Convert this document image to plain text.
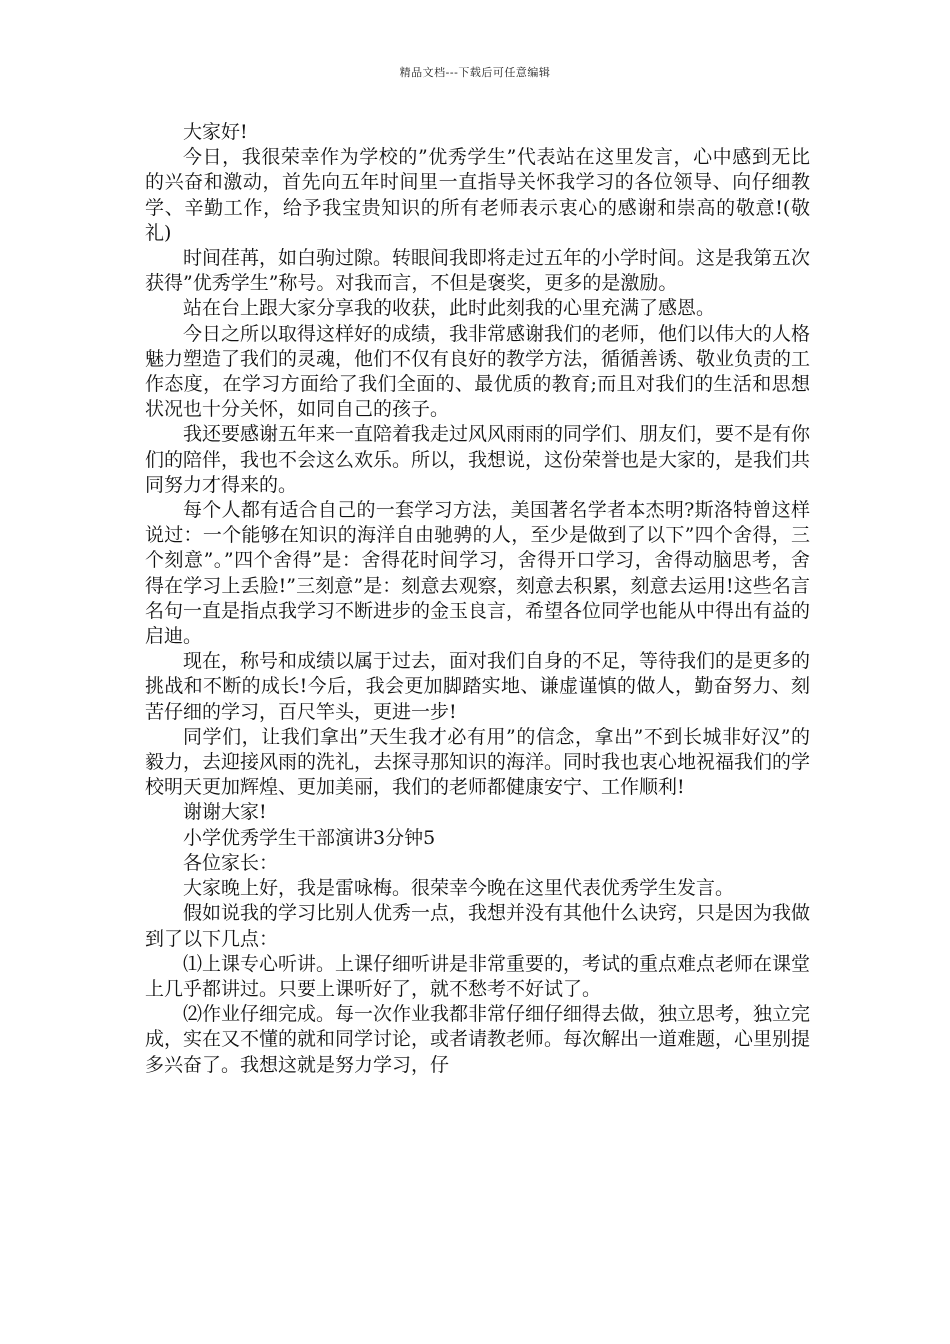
精品文档---下载后可任意编辑

大家好!

今日，我很荣幸作为学校的”优秀学生”代表站在这里发言，心中感到无比的兴奋和激动，首先向五年时间里一直指导关怀我学习的各位领导、向仔细教学、辛勤工作，给予我宝贵知识的所有老师表示衷心的感谢和崇高的敬意!(敬礼)

时间荏苒，如白驹过隙。转眼间我即将走过五年的小学时间。这是我第五次获得”优秀学生”称号。对我而言，不但是褒奖，更多的是激励。

站在台上跟大家分享我的收获，此时此刻我的心里充满了感恩。

今日之所以取得这样好的成绩，我非常感谢我们的老师，他们以伟大的人格魅力塑造了我们的灵魂，他们不仅有良好的教学方法，循循善诱、敬业负责的工作态度，在学习方面给了我们全面的、最优质的教育;而且对我们的生活和思想状况也十分关怀，如同自己的孩子。

我还要感谢五年来一直陪着我走过风风雨雨的同学们、朋友们，要不是有你们的陪伴，我也不会这么欢乐。所以，我想说，这份荣誉也是大家的，是我们共同努力才得来的。

每个人都有适合自己的一套学习方法，美国著名学者本杰明?斯洛特曾这样说过：一个能够在知识的海洋自由驰骋的人，至少是做到了以下”四个舍得，三个刻意”。”四个舍得”是：舍得花时间学习，舍得开口学习，舍得动脑思考，舍得在学习上丢脸!”三刻意”是：刻意去观察，刻意去积累，刻意去运用!这些名言名句一直是指点我学习不断进步的金玉良言，希望各位同学也能从中得出有益的启迪。

现在，称号和成绩以属于过去，面对我们自身的不足，等待我们的是更多的挑战和不断的成长!今后，我会更加脚踏实地、谦虚谨慎的做人，勤奋努力、刻苦仔细的学习，百尺竿头，更进一步!

同学们，让我们拿出”天生我才必有用”的信念，拿出”不到长城非好汉”的毅力，去迎接风雨的洗礼，去探寻那知识的海洋。同时我也衷心地祝福我们的学校明天更加辉煌、更加美丽，我们的老师都健康安宁、工作顺利!

谢谢大家!

小学优秀学生干部演讲3分钟5

各位家长：

大家晚上好，我是雷咏梅。很荣幸今晚在这里代表优秀学生发言。

假如说我的学习比别人优秀一点，我想并没有其他什么诀窍，只是因为我做到了以下几点：

⑴上课专心听讲。上课仔细听讲是非常重要的，考试的重点难点老师在课堂上几乎都讲过。只要上课听好了，就不愁考不好试了。

⑵作业仔细完成。每一次作业我都非常仔细仔细得去做，独立思考，独立完成，实在又不懂的就和同学讨论，或者请教老师。每次解出一道难题，心里别提多兴奋了。我想这就是努力学习，仔
